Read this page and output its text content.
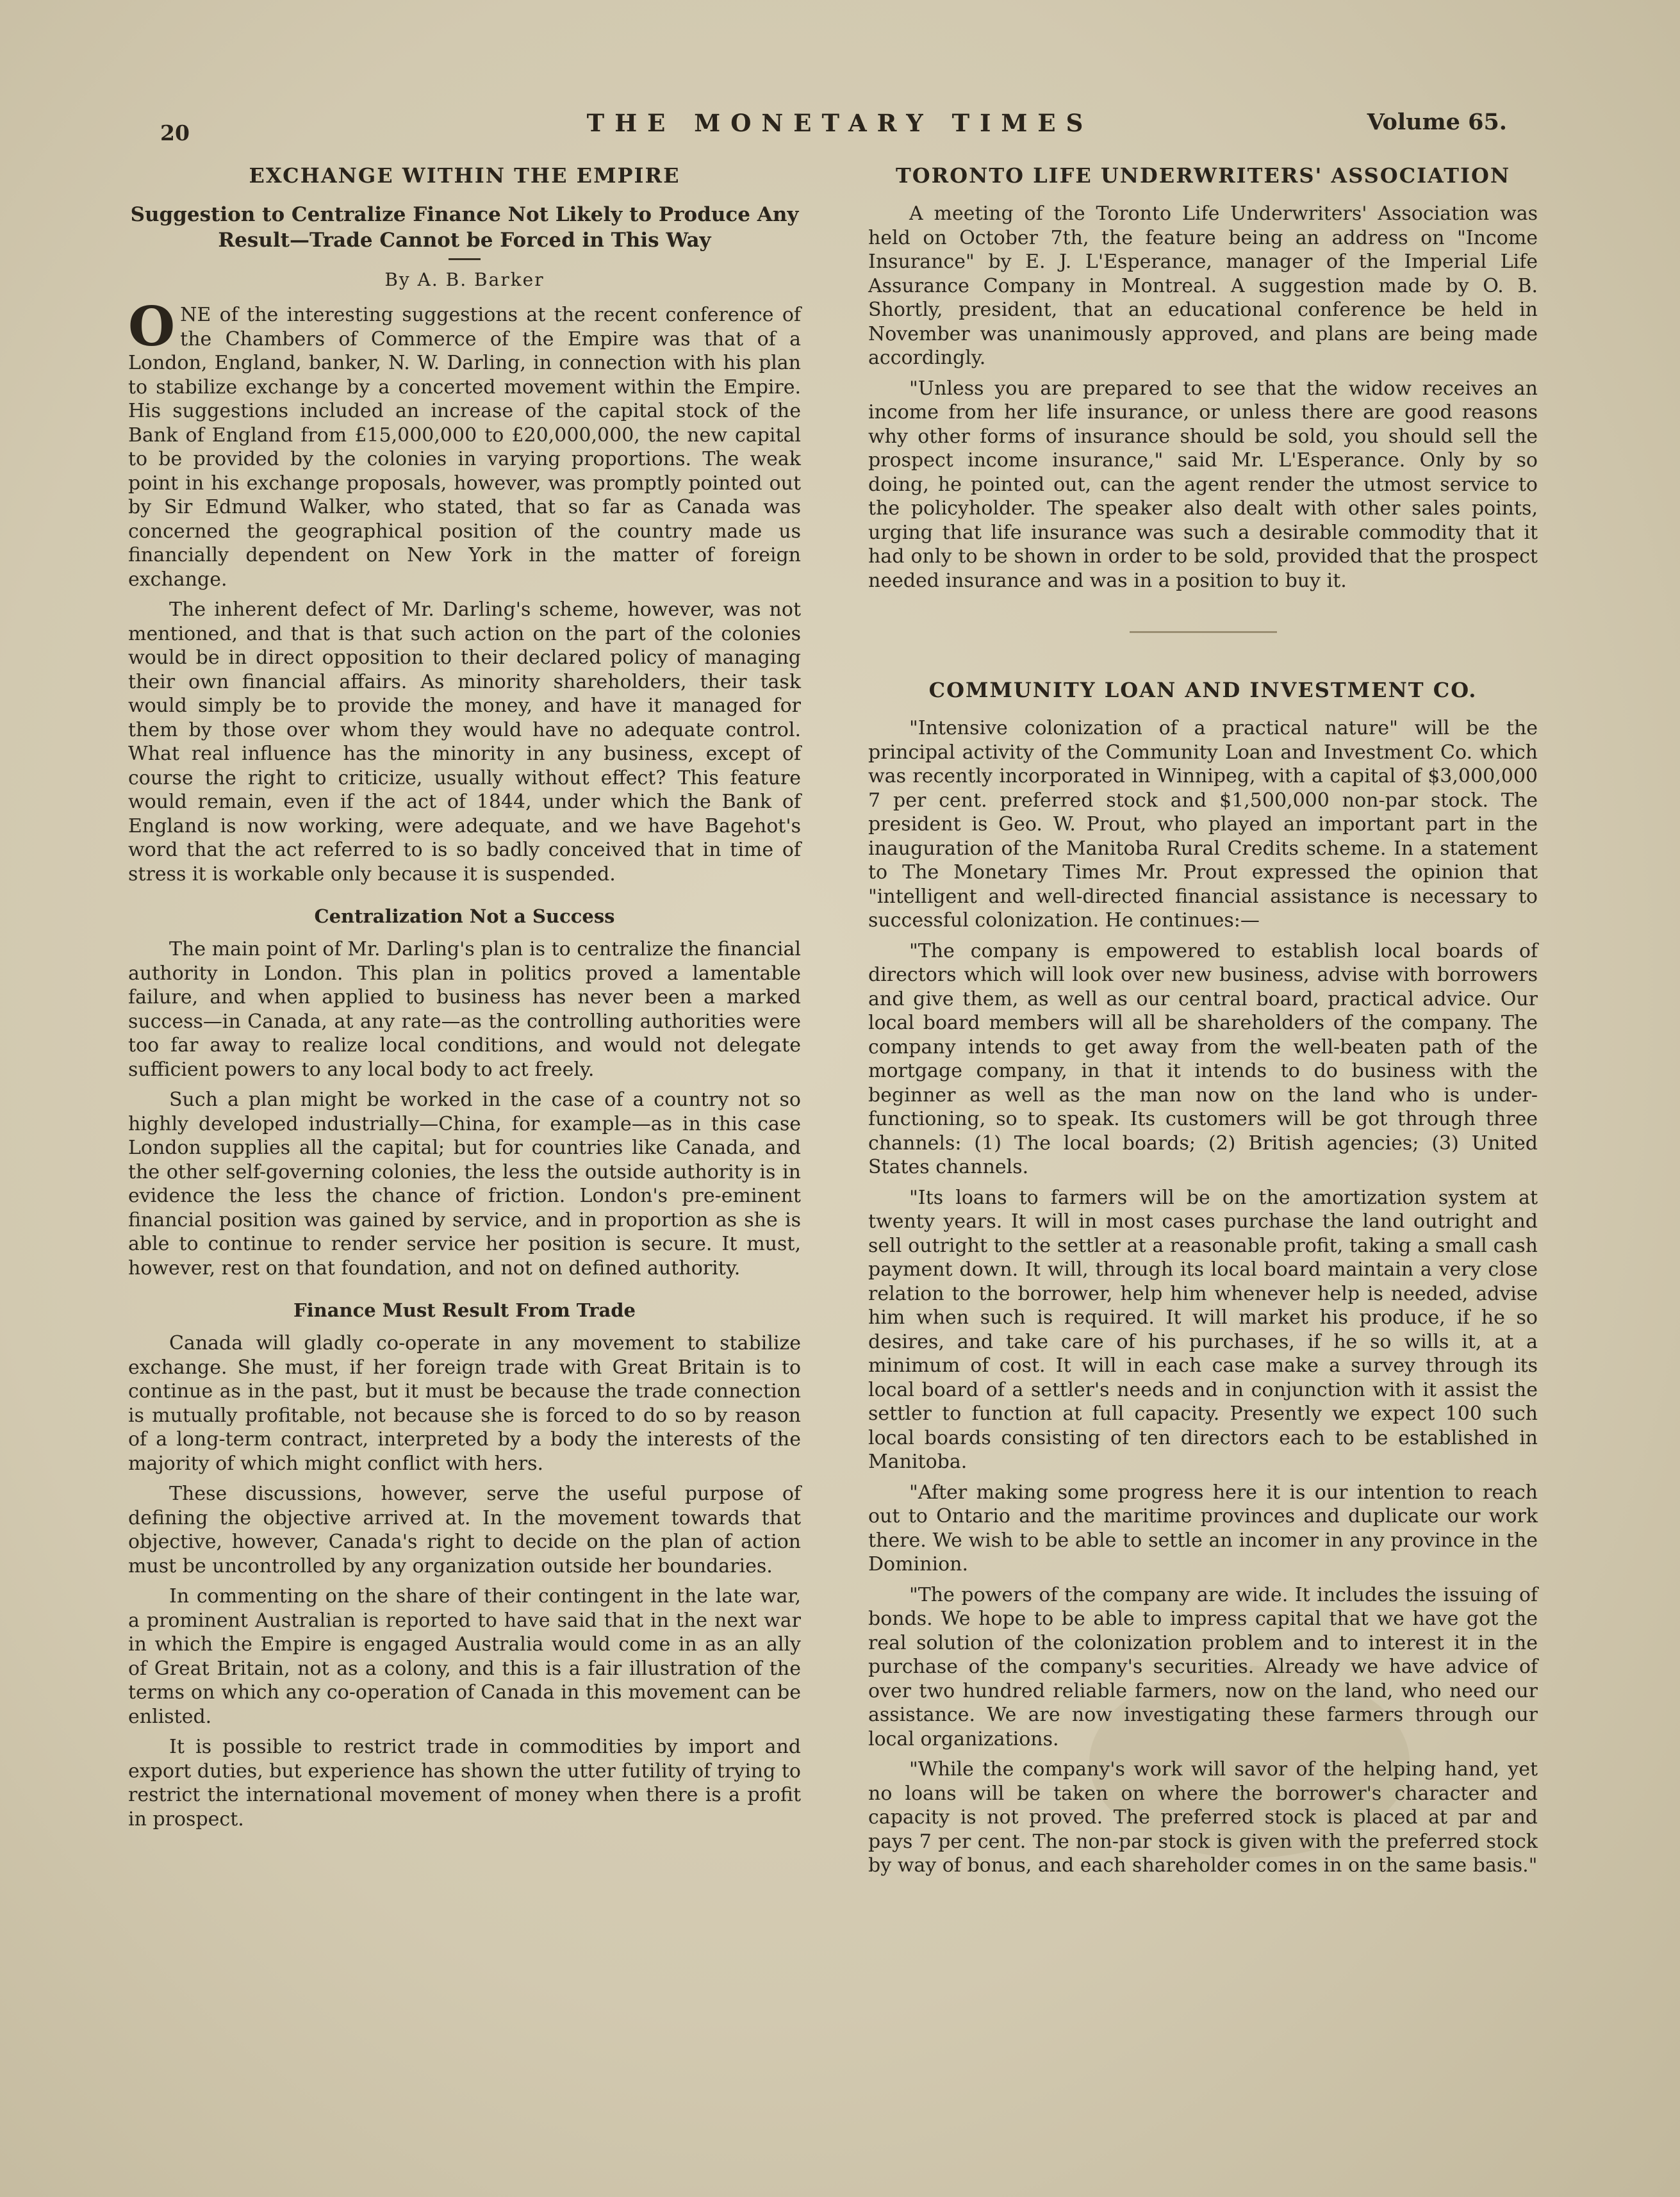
20	THE MONETARY TIMES	Volume 65.
EXCHANGE WITHIN THE EMPIRE

Suggestion to Centralize Finance Not Likely to Produce Any Result—Trade Cannot be Forced in This Way

By A. B. Barker

ONE of the interesting suggestions at the recent conference of the Chambers of Commerce of the Empire was that of a London, England, banker, N. W. Darling, in connection with his plan to stabilize exchange by a concerted movement within the Empire. His suggestions included an increase of the capital stock of the Bank of England from £15,000,000 to £20,000,000, the new capital to be provided by the colonies in varying proportions. The weak point in his exchange proposals, however, was promptly pointed out by Sir Edmund Walker, who stated, that so far as Canada was concerned the geographical position of the country made us financially dependent on New York in the matter of foreign exchange.

The inherent defect of Mr. Darling's scheme, however, was not mentioned, and that is that such action on the part of the colonies would be in direct opposition to their declared policy of managing their own financial affairs. As minority shareholders, their task would simply be to provide the money, and have it managed for them by those over whom they would have no adequate control. What real influence has the minority in any business, except of course the right to criticize, usually without effect? This feature would remain, even if the act of 1844, under which the Bank of England is now working, were adequate, and we have Bagehot's word that the act referred to is so badly conceived that in time of stress it is workable only because it is suspended.

Centralization Not a Success

The main point of Mr. Darling's plan is to centralize the financial authority in London. This plan in politics proved a lamentable failure, and when applied to business has never been a marked success—in Canada, at any rate—as the controlling authorities were too far away to realize local conditions, and would not delegate sufficient powers to any local body to act freely.

Such a plan might be worked in the case of a country not so highly developed industrially—China, for example—as in this case London supplies all the capital; but for countries like Canada, and the other self-governing colonies, the less the outside authority is in evidence the less the chance of friction. London's pre-eminent financial position was gained by service, and in proportion as she is able to continue to render service her position is secure. It must, however, rest on that foundation, and not on defined authority.

Finance Must Result From Trade

Canada will gladly co-operate in any movement to stabilize exchange. She must, if her foreign trade with Great Britain is to continue as in the past, but it must be because the trade connection is mutually profitable, not because she is forced to do so by reason of a long-term contract, interpreted by a body the interests of the majority of which might conflict with hers.

These discussions, however, serve the useful purpose of defining the objective arrived at. In the movement towards that objective, however, Canada's right to decide on the plan of action must be uncontrolled by any organization outside her boundaries.

In commenting on the share of their contingent in the late war, a prominent Australian is reported to have said that in the next war in which the Empire is engaged Australia would come in as an ally of Great Britain, not as a colony, and this is a fair illustration of the terms on which any co-operation of Canada in this movement can be enlisted.

It is possible to restrict trade in commodities by import and export duties, but experience has shown the utter futility of trying to restrict the international movement of money when there is a profit in prospect.

TORONTO LIFE UNDERWRITERS' ASSOCIATION

A meeting of the Toronto Life Underwriters' Association was held on October 7th, the feature being an address on "Income Insurance" by E. J. L'Esperance, manager of the Imperial Life Assurance Company in Montreal. A suggestion made by O. B. Shortly, president, that an educational conference be held in November was unanimously approved, and plans are being made accordingly.

"Unless you are prepared to see that the widow receives an income from her life insurance, or unless there are good reasons why other forms of insurance should be sold, you should sell the prospect income insurance," said Mr. L'Esperance. Only by so doing, he pointed out, can the agent render the utmost service to the policyholder. The speaker also dealt with other sales points, urging that life insurance was such a desirable commodity that it had only to be shown in order to be sold, provided that the prospect needed insurance and was in a position to buy it.

COMMUNITY LOAN AND INVESTMENT CO.

"Intensive colonization of a practical nature" will be the principal activity of the Community Loan and Investment Co. which was recently incorporated in Winnipeg, with a capital of $3,000,000 7 per cent. preferred stock and $1,500,000 non-par stock. The president is Geo. W. Prout, who played an important part in the inauguration of the Manitoba Rural Credits scheme. In a statement to The Monetary Times Mr. Prout expressed the opinion that "intelligent and well-directed financial assistance is necessary to successful colonization. He continues:—

"The company is empowered to establish local boards of directors which will look over new business, advise with borrowers and give them, as well as our central board, practical advice. Our local board members will all be shareholders of the company. The company intends to get away from the well-beaten path of the mortgage company, in that it intends to do business with the beginner as well as the man now on the land who is under-functioning, so to speak. Its customers will be got through three channels: (1) The local boards; (2) British agencies; (3) United States channels.

"Its loans to farmers will be on the amortization system at twenty years. It will in most cases purchase the land outright and sell outright to the settler at a reasonable profit, taking a small cash payment down. It will, through its local board maintain a very close relation to the borrower, help him whenever help is needed, advise him when such is required. It will market his produce, if he so desires, and take care of his purchases, if he so wills it, at a minimum of cost. It will in each case make a survey through its local board of a settler's needs and in conjunction with it assist the settler to function at full capacity. Presently we expect 100 such local boards consisting of ten directors each to be established in Manitoba.

"After making some progress here it is our intention to reach out to Ontario and the maritime provinces and duplicate our work there. We wish to be able to settle an incomer in any province in the Dominion.

"The powers of the company are wide. It includes the issuing of bonds. We hope to be able to impress capital that we have got the real solution of the colonization problem and to interest it in the purchase of the company's securities. Already we have advice of over two hundred reliable farmers, now on the land, who need our assistance. We are now investigating these farmers through our local organizations.

"While the company's work will savor of the helping hand, yet no loans will be taken on where the borrower's character and capacity is not proved. The preferred stock is placed at par and pays 7 per cent. The non-par stock is given with the preferred stock by way of bonus, and each shareholder comes in on the same basis."
